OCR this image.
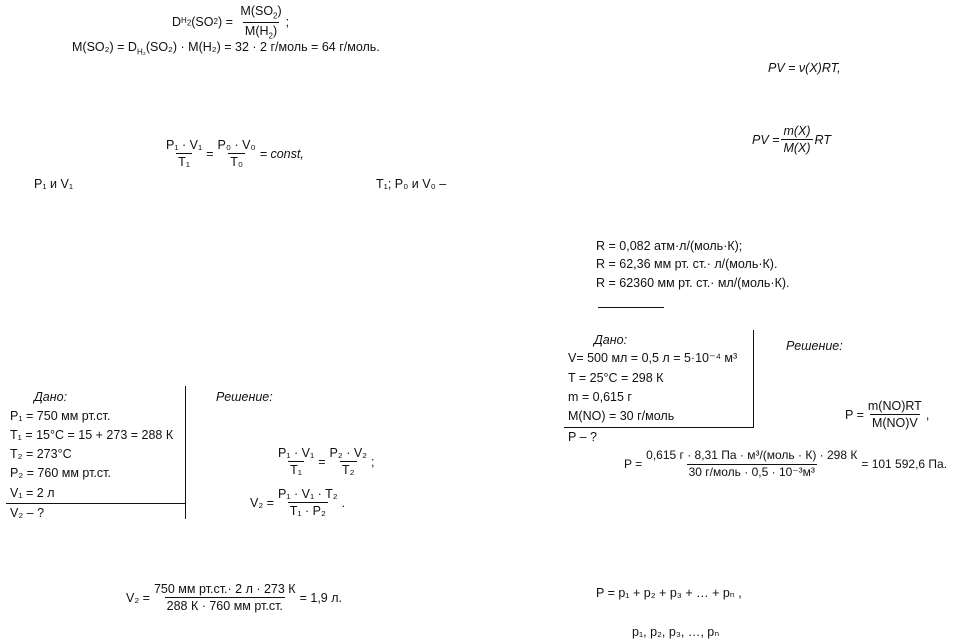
D $H_2$ (SO 2 )
=
$\frac{M(SO_2)}{M(H_2)}$ ;
$M(SO_2) = D_{H_2}(SO_2) \cdot M(H_2) = 32 \cdot 2$ г/моль = 64 г/моль.
PV = ν(X)RT,
PV = $\frac{m(X)}{M(X)}$ RT
$\frac{\text{P₁ · V₁}}{\text{T₁}} = \frac{\text{P₀ · V₀}}{\text{T₀}}$ = const,
P₁ и V₁	T₁; P₀ и V₀ –
R = 0,082 атм·л/(моль·К);
R = 62,36 мм рт. ст.· л/(моль·К).
R = 62360 мм рт. ст.· мл/(моль·К).
Дано:
P₁ = 750 мм рт.ст.
T₁ = 15°С = 15 + 273 = 288 К
T₂ = 273°С
P₂ = 760 мм рт.ст.
V₁ = 2 л
V₂ – ?
Решение:
$\frac{\text{P₁ · V₁}}{\text{T₁}} = \frac{\text{P₂ · V₂}}{\text{T₂}}$ ;
$V_2 = \frac{\text{P₁ · V₁ · T₂}}{\text{T₁ · P₂}}$ .
$V_2 = \frac{\text{750 мм рт.ст.· 2 л · 273 К}}{\text{288 К · 760 мм рт.ст.}} = 1,9$ л.
Дано:
V= 500 мл = 0,5 л = 5·10⁻⁴ м³
T = 25°С = 298 К
m = 0,615 г
M(NO) = 30 г/моль
P – ?
Решение:
$P = \frac{m(NO)RT}{M(NO)V}$ ,
$P = \frac{\text{0,615 г · 8,31 Па · м³/(моль · К) · 298 К}}{\text{30 г/моль · 0,5 · 10⁻³м³}} = 101$ 592,6 Па.
P = p₁ + p₂ + p₃ + … + pₙ ,
p₁, p₂, p₃, …, pₙ
